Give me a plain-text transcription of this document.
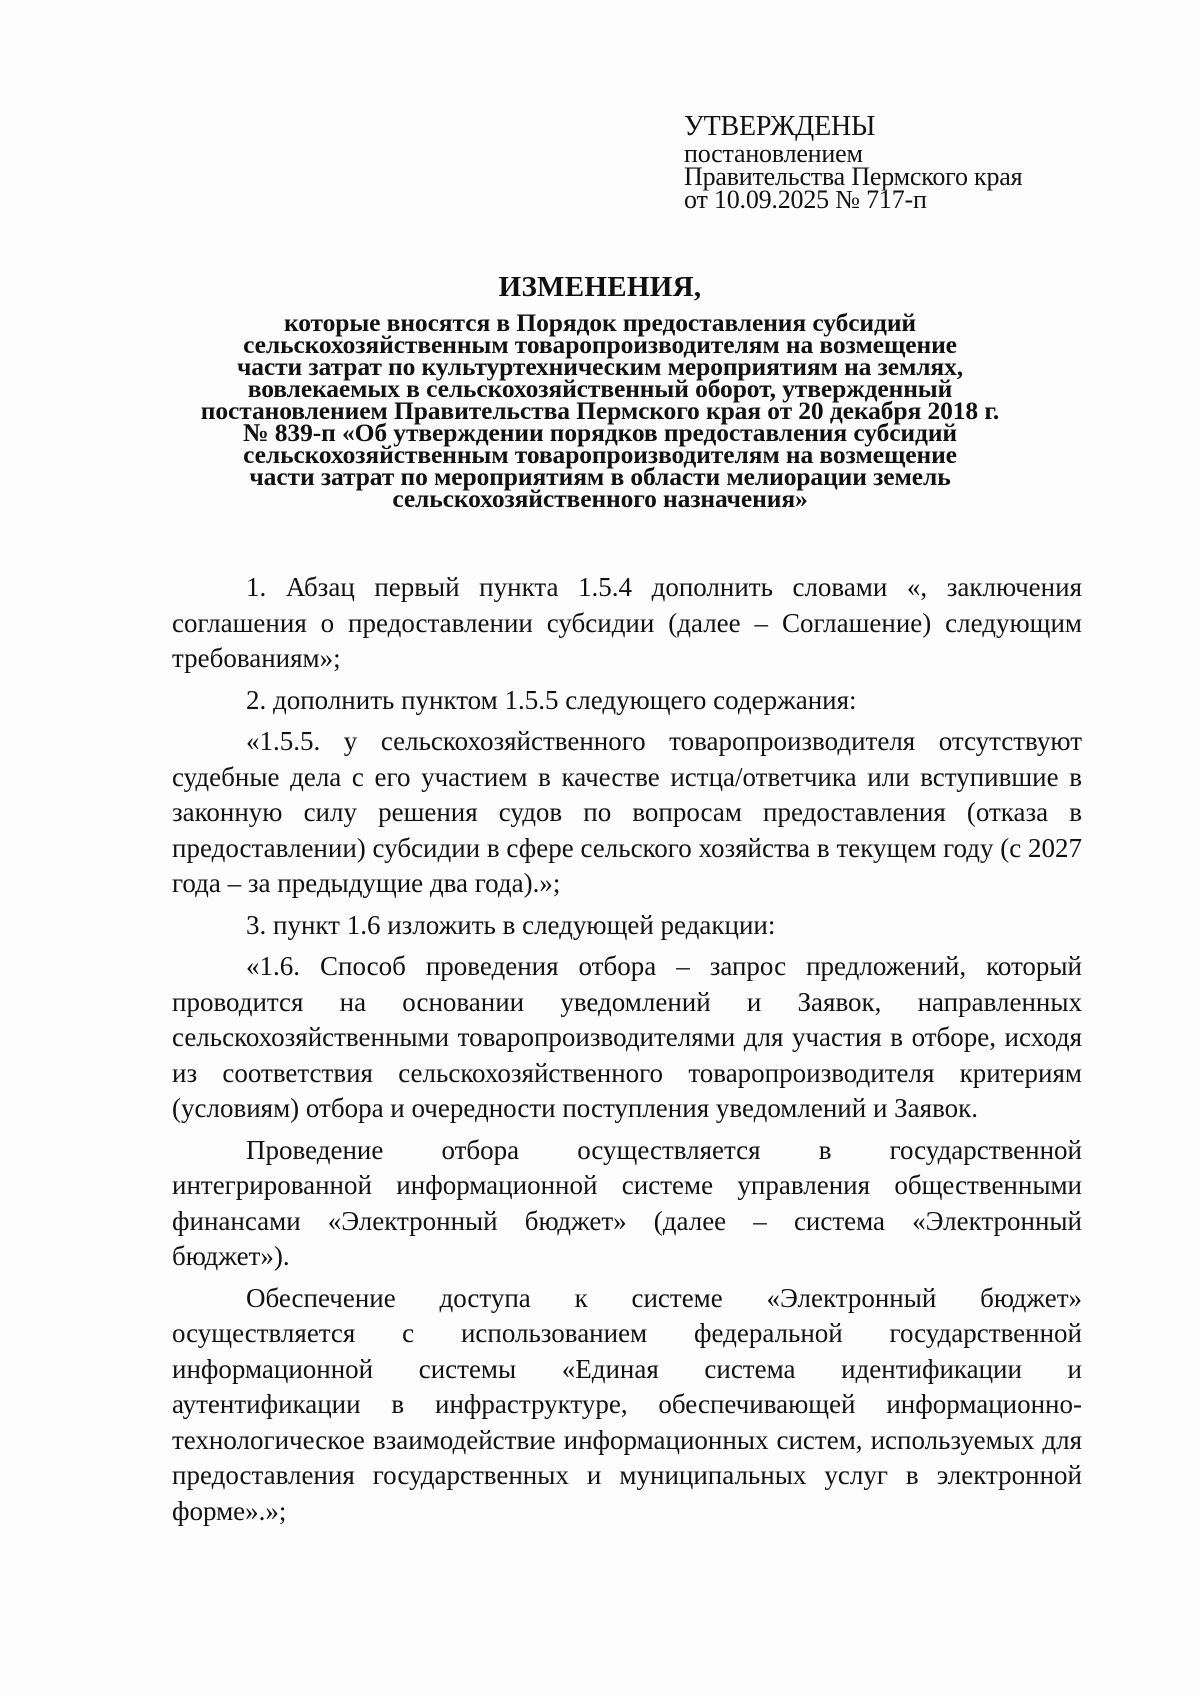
УТВЕРЖДЕНЫ
постановлением
Правительства Пермского края
от 10.09.2025 № 717-п
ИЗМЕНЕНИЯ,
которые вносятся в Порядок предоставления субсидий
сельскохозяйственным товаропроизводителям на возмещение
части затрат по культуртехническим мероприятиям на землях,
вовлекаемых в сельскохозяйственный оборот, утвержденный
постановлением Правительства Пермского края от 20 декабря 2018 г.
№ 839-п «Об утверждении порядков предоставления субсидий
сельскохозяйственным товаропроизводителям на возмещение
части затрат по мероприятиям в области мелиорации земель
сельскохозяйственного назначения»

1. Абзац первый пункта 1.5.4 дополнить словами «, заключения соглашения о предоставлении субсидии (далее – Соглашение) следующим требованиям»;

2. дополнить пунктом 1.5.5 следующего содержания:

«1.5.5. у сельскохозяйственного товаропроизводителя отсутствуют судебные дела с его участием в качестве истца/ответчика или вступившие в законную силу решения судов по вопросам предоставления (отказа в предоставлении) субсидии в сфере сельского хозяйства в текущем году (с 2027 года – за предыдущие два года).»;

3. пункт 1.6 изложить в следующей редакции:

«1.6. Способ проведения отбора – запрос предложений, который проводится на основании уведомлений и Заявок, направленных сельскохозяйственными товаропроизводителями для участия в отборе, исходя из соответствия сельскохозяйственного товаропроизводителя критериям (условиям) отбора и очередности поступления уведомлений и Заявок.

Проведение отбора осуществляется в государственной интегрированной информационной системе управления общественными финансами «Электронный бюджет» (далее – система «Электронный бюджет»).

Обеспечение доступа к системе «Электронный бюджет» осуществляется с использованием федеральной государственной информационной системы «Единая система идентификации и аутентификации в инфраструктуре, обеспечивающей информационно-технологическое взаимодействие информационных систем, используемых для предоставления государственных и муниципальных услуг в электронной форме».»;
